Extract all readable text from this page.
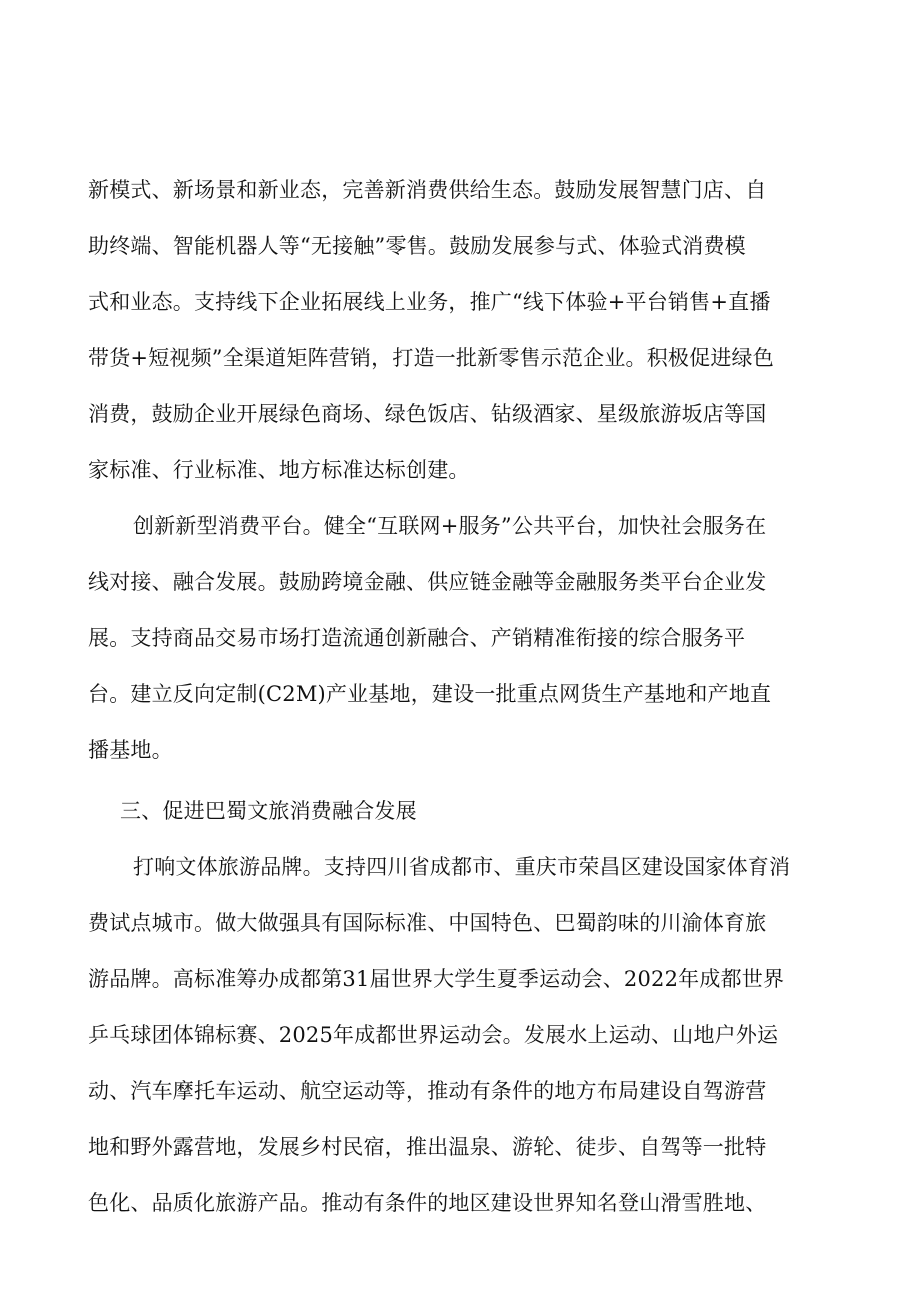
新模式、新场景和新业态，完善新消费供给生态。鼓励发展智慧门店、自
助终端、智能机器人等“无接触”零售。鼓励发展参与式、体验式消费模
式和业态。支持线下企业拓展线上业务，推广“线下体验+平台销售+直播
带货+短视频”全渠道矩阵营销，打造一批新零售示范企业。积极促进绿色
消费，鼓励企业开展绿色商场、绿色饭店、钻级酒家、星级旅游坂店等国
家标准、行业标准、地方标准达标创建。
创新新型消费平台。健全“互联网+服务”公共平台，加快社会服务在
线对接、融合发展。鼓励跨境金融、供应链金融等金融服务类平台企业发
展。支持商品交易市场打造流通创新融合、产销精准衔接的综合服务平
台。建立反向定制(C2M)产业基地，建设一批重点网货生产基地和产地直
播基地。
三、促进巴蜀文旅消费融合发展
打响文体旅游品牌。支持四川省成都市、重庆市荣昌区建设国家体育消
费试点城市。做大做强具有国际标准、中国特色、巴蜀韵味的川渝体育旅
游品牌。高标准筹办成都第31届世界大学生夏季运动会、2022年成都世界
乒乓球团体锦标赛、2025年成都世界运动会。发展水上运动、山地户外运
动、汽车摩托车运动、航空运动等，推动有条件的地方布局建设自驾游营
地和野外露营地，发展乡村民宿，推出温泉、游轮、徒步、自驾等一批特
色化、品质化旅游产品。推动有条件的地区建设世界知名登山滑雪胜地、
